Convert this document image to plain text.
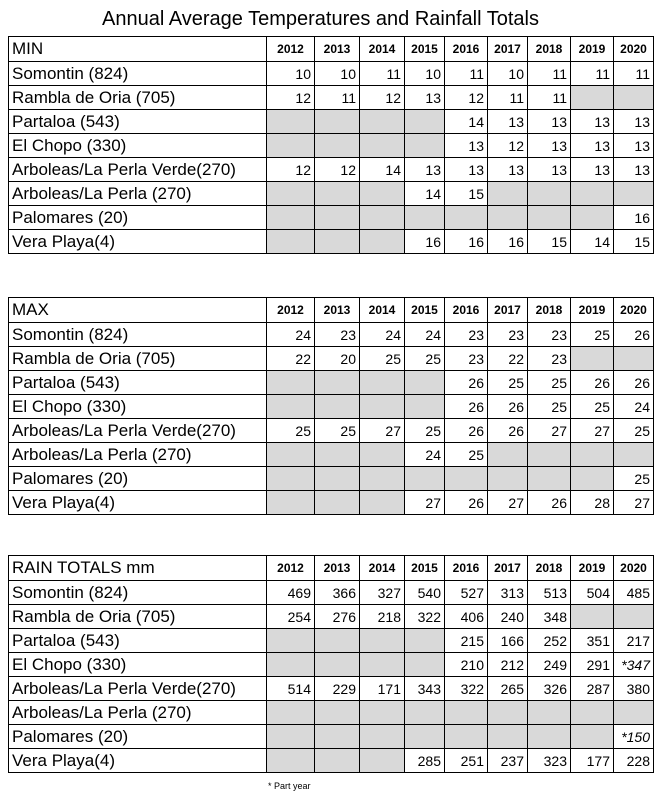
Annual Average Temperatures and Rainfall Totals
MIN	2012	2013	2014	2015	2016	2017	2018	2019	2020
Somontin (824)	10	10	11	10	11	10	11	11	11
Rambla de Oria (705)	12	11	12	13	12	11	11		
Partaloa (543)					14	13	13	13	13
El Chopo (330)					13	12	13	13	13
Arboleas/La Perla Verde(270)	12	12	14	13	13	13	13	13	13
Arboleas/La Perla (270)				14	15				
Palomares (20)									16
Vera Playa(4)				16	16	16	15	14	15
MAX	2012	2013	2014	2015	2016	2017	2018	2019	2020
Somontin (824)	24	23	24	24	23	23	23	25	26
Rambla de Oria (705)	22	20	25	25	23	22	23		
Partaloa (543)					26	25	25	26	26
El Chopo (330)					26	26	25	25	24
Arboleas/La Perla Verde(270)	25	25	27	25	26	26	27	27	25
Arboleas/La Perla (270)				24	25				
Palomares (20)									25
Vera Playa(4)				27	26	27	26	28	27
RAIN TOTALS mm	2012	2013	2014	2015	2016	2017	2018	2019	2020
Somontin (824)	469	366	327	540	527	313	513	504	485
Rambla de Oria (705)	254	276	218	322	406	240	348		
Partaloa (543)					215	166	252	351	217
El Chopo (330)					210	212	249	291	*347
Arboleas/La Perla Verde(270)	514	229	171	343	322	265	326	287	380
Arboleas/La Perla (270)									
Palomares (20)									*150
Vera Playa(4)				285	251	237	323	177	228
* Part year
